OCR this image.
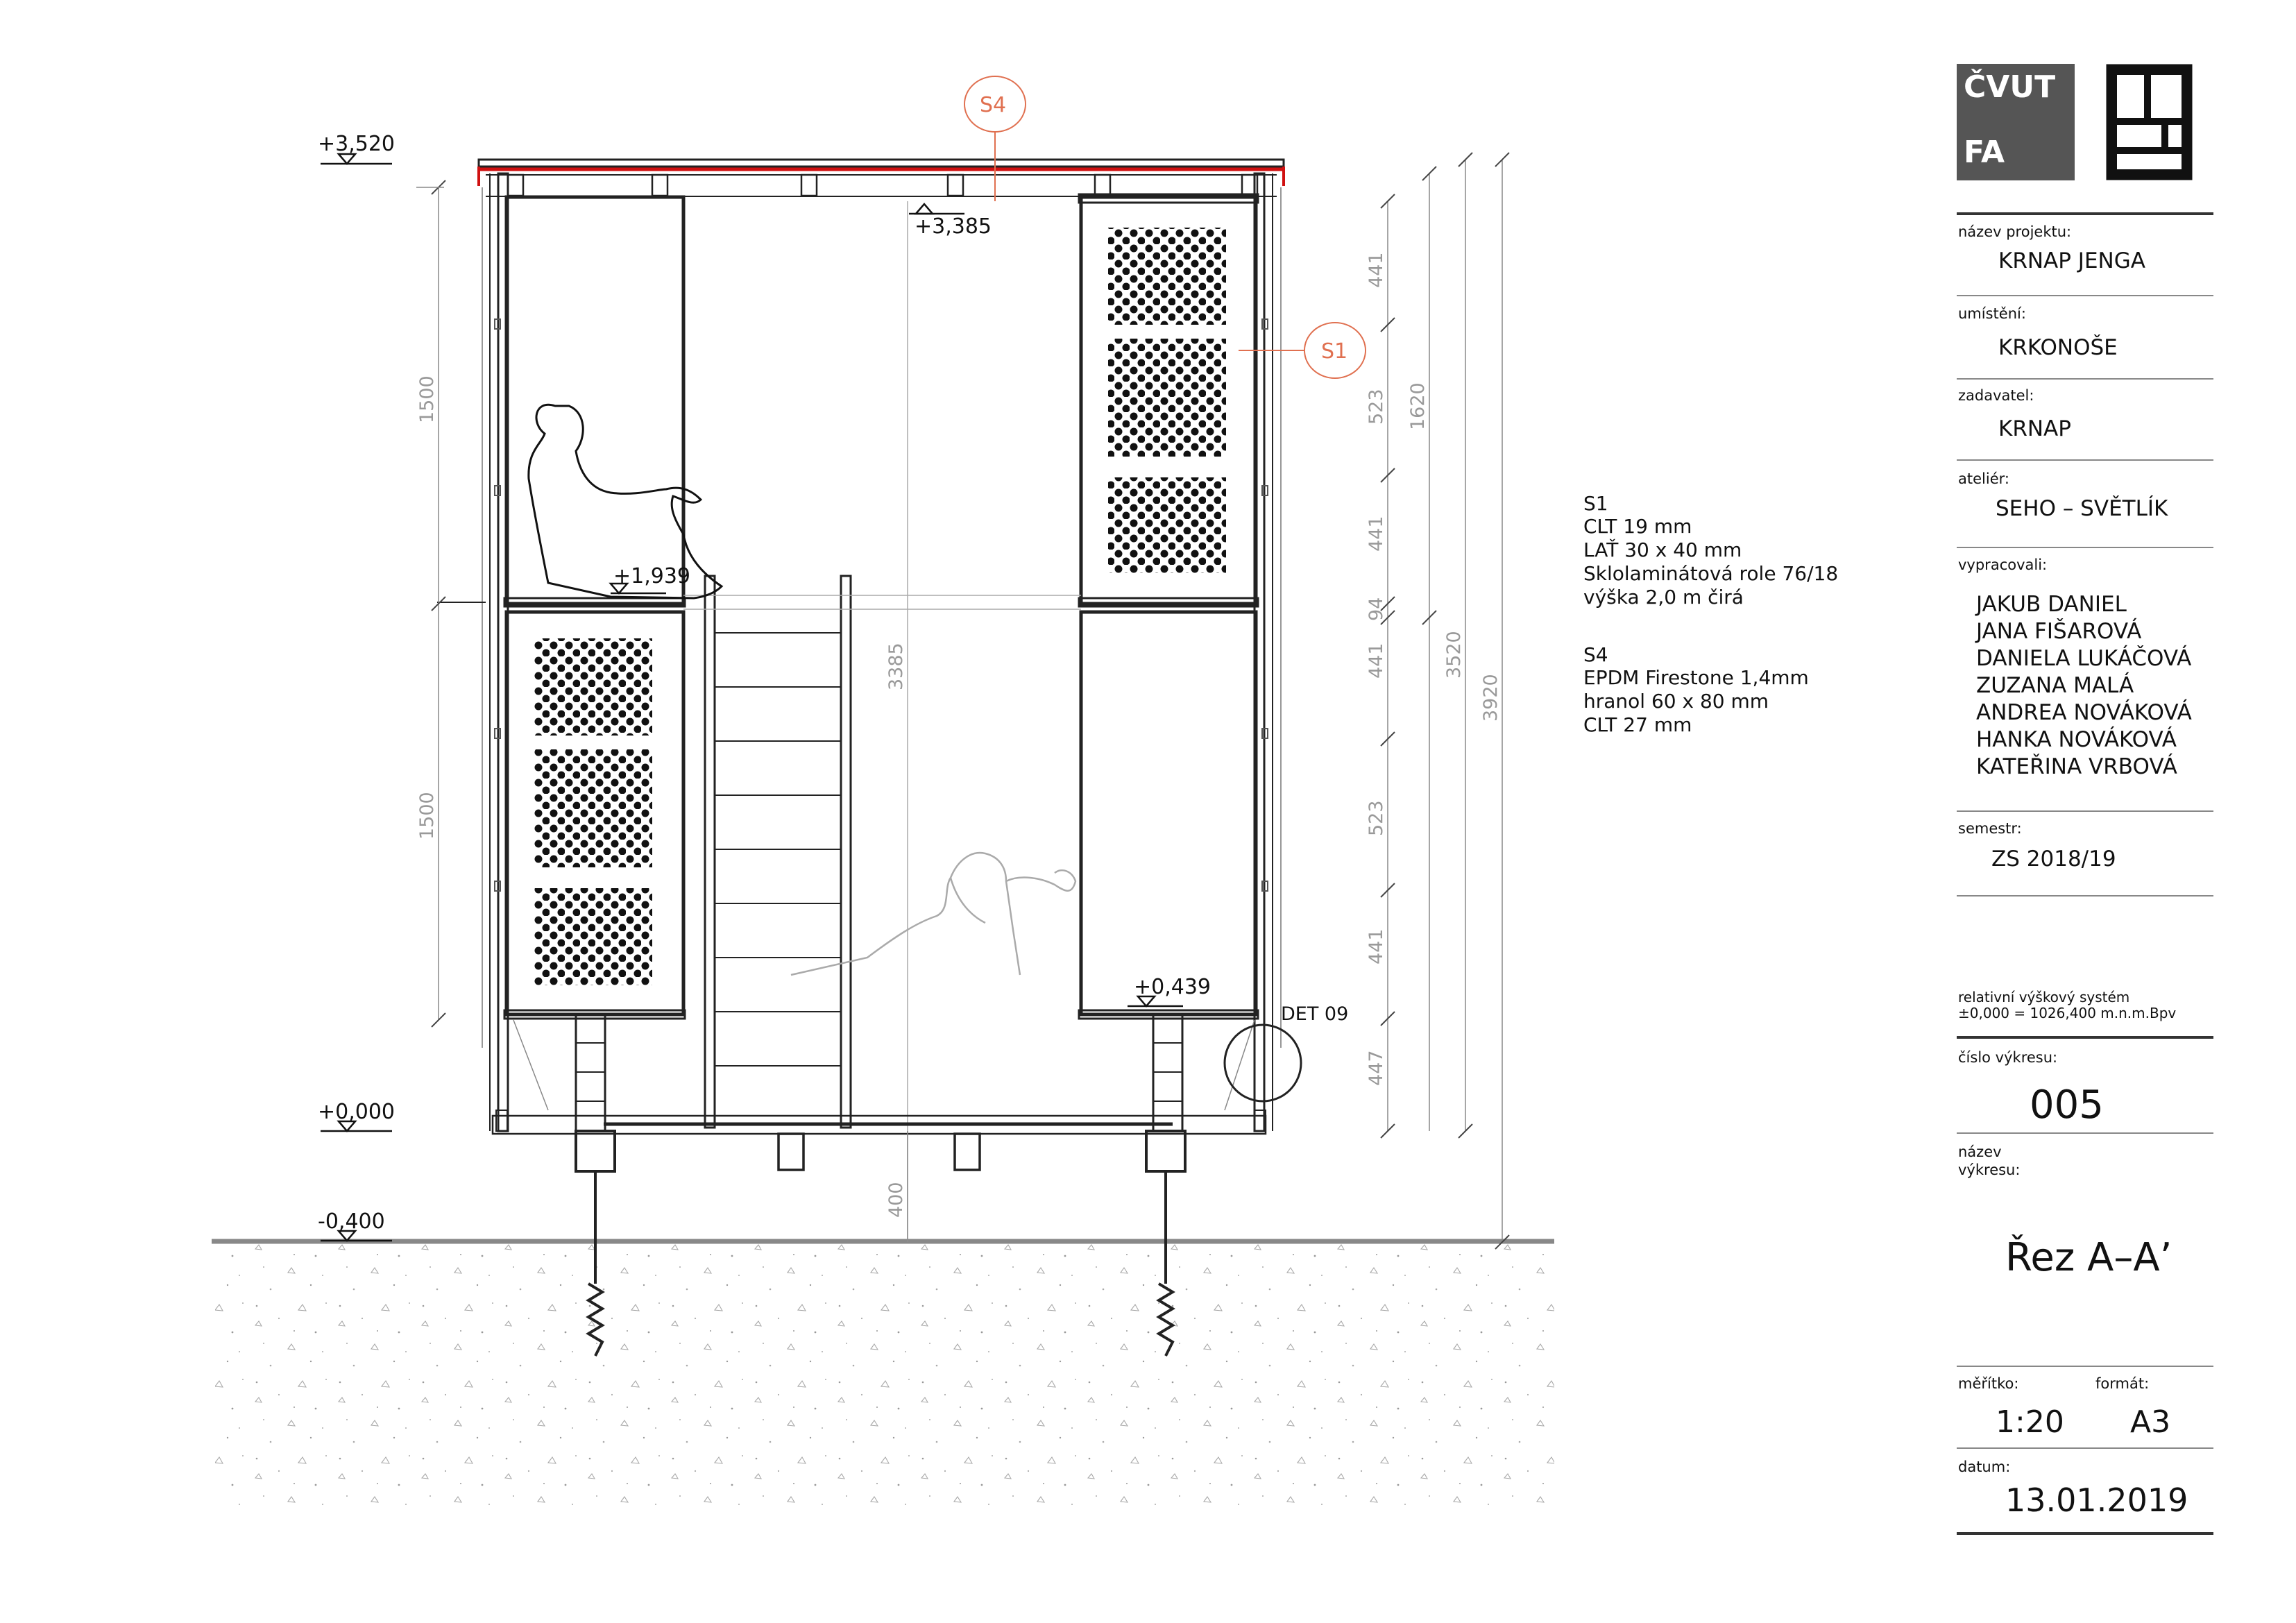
+3,520
+3,385
+1,939
+0,439
+0,000
-0,400
DET 09
S4
S1
1500
1500
3385
400
441
523
441
441
94
523
441
447
1620
3520
3920
S1
CLT 19 mm
LAŤ 30 x 40 mm
Sklolaminátová role 76/18
výška 2,0 m čirá
S4
EPDM Firestone 1,4mm
hranol 60 x 80 mm
CLT 27 mm
ČVUT
FA
název projektu:
KRNAP JENGA
umístění:
KRKONOŠE
zadavatel:
KRNAP
ateliér:
SEHO – SVĚTLÍK
vypracovali:
JAKUB DANIEL
JANA FIŠAROVÁ
DANIELA LUKÁČOVÁ
ZUZANA MALÁ
ANDREA NOVÁKOVÁ
HANKA NOVÁKOVÁ
KATEŘINA VRBOVÁ
semestr:
ZS 2018/19
relativní výškový systém
±0,000 = 1026,400 m.n.m.Bpv
číslo výkresu:
005
název
výkresu:
Řez A–A’
měřítko:	formát:
1:20 A3
datum:
13.01.2019
